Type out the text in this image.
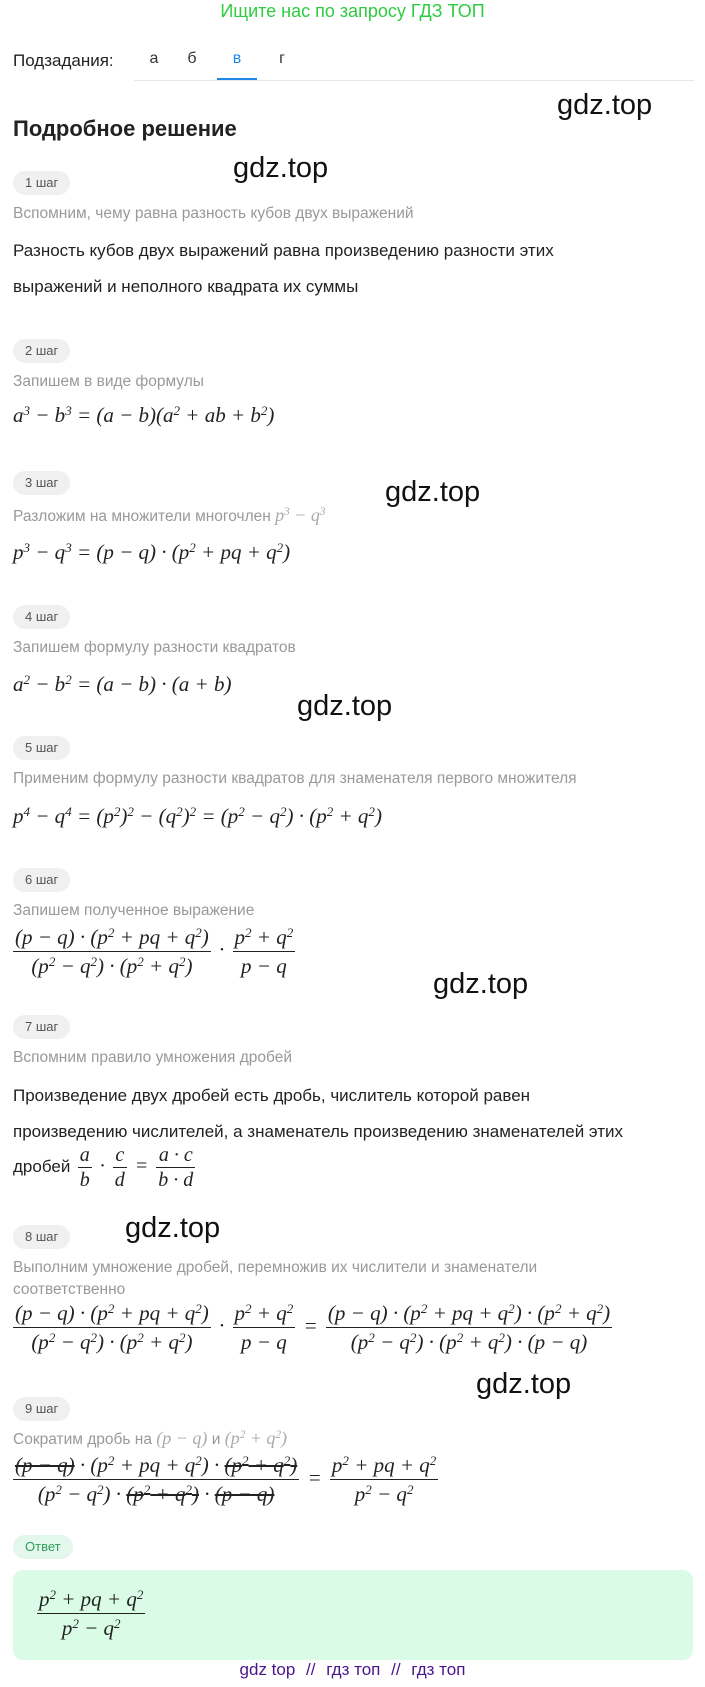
Ищите нас по запросу ГДЗ ТОП
Подзадания:	а	б	в	г
Подробное решение
gdz.top
gdz.top
gdz.top
gdz.top
gdz.top
gdz.top
gdz.top
1 шаг
Вспомним, чему равна разность кубов двух выражений
Разность кубов двух выражений равна произведению разности этих
выражений и неполного квадрата их суммы
2 шаг
Запишем в виде формулы
$a^3 - b^3 = (a - b)(a^2$ + ab + $b^2$)
3 шаг
Разложим на множители многочлен $p^3 - q^3$
$p^3 - q^3 = (p - q) \cdot (p^2$ + pq + $q^2$)
4 шаг
Запишем формулу разности квадратов
$a^2 - b^2 = (a - b) \cdot (a + b)$
5 шаг
Применим формулу разности квадратов для знаменателя первого множителя
$p^4 - q^4 = (p^2)^2 - (q^2)^2 = (p^2 - q^2) \cdot (p^2 + q^2)$
6 шаг
Запишем полученное выражение
$\frac{(p - q) \cdot (p^2 + pq + q^2)}{(p^2 - q^2) \cdot (p^2 + q^2)} \cdot \frac{p^2 + q^2}{p - q}$
7 шаг
Вспомним правило умножения дробей
Произведение двух дробей есть дробь, числитель которой равен
произведению числителей, а знаменатель произведению знаменателей этих
дробей $\frac{a}{b} \cdot \frac{c}{d} = \frac{a \cdot c}{b \cdot d}$
8 шаг
Выполним умножение дробей, перемножив их числители и знаменатели
соответственно
$\frac{(p - q) \cdot (p^2 + pq + q^2)}{(p^2 - q^2) \cdot (p^2 + q^2)} \cdot \frac{p^2 + q^2}{p - q} = \frac{(p - q) \cdot (p^2 + pq + q^2) \cdot (p^2 + q^2)}{(p^2 - q^2) \cdot (p^2 + q^2) \cdot (p - q)}$
9 шаг
Сократим дробь на (p − q) и $(p^2 + q^2)$
$\frac{(p - q) \cdot (p^2 + pq + q^2) \cdot (p^2 + q^2)}{(p^2 - q^2) \cdot (p^2 + q^2) \cdot (p - q)} = \frac{p^2 + pq + q^2}{p^2 - q^2}$
Ответ
$\frac{p^2 + pq + q^2}{p^2 - q^2}$
gdz top // гдз топ // гдз топ
